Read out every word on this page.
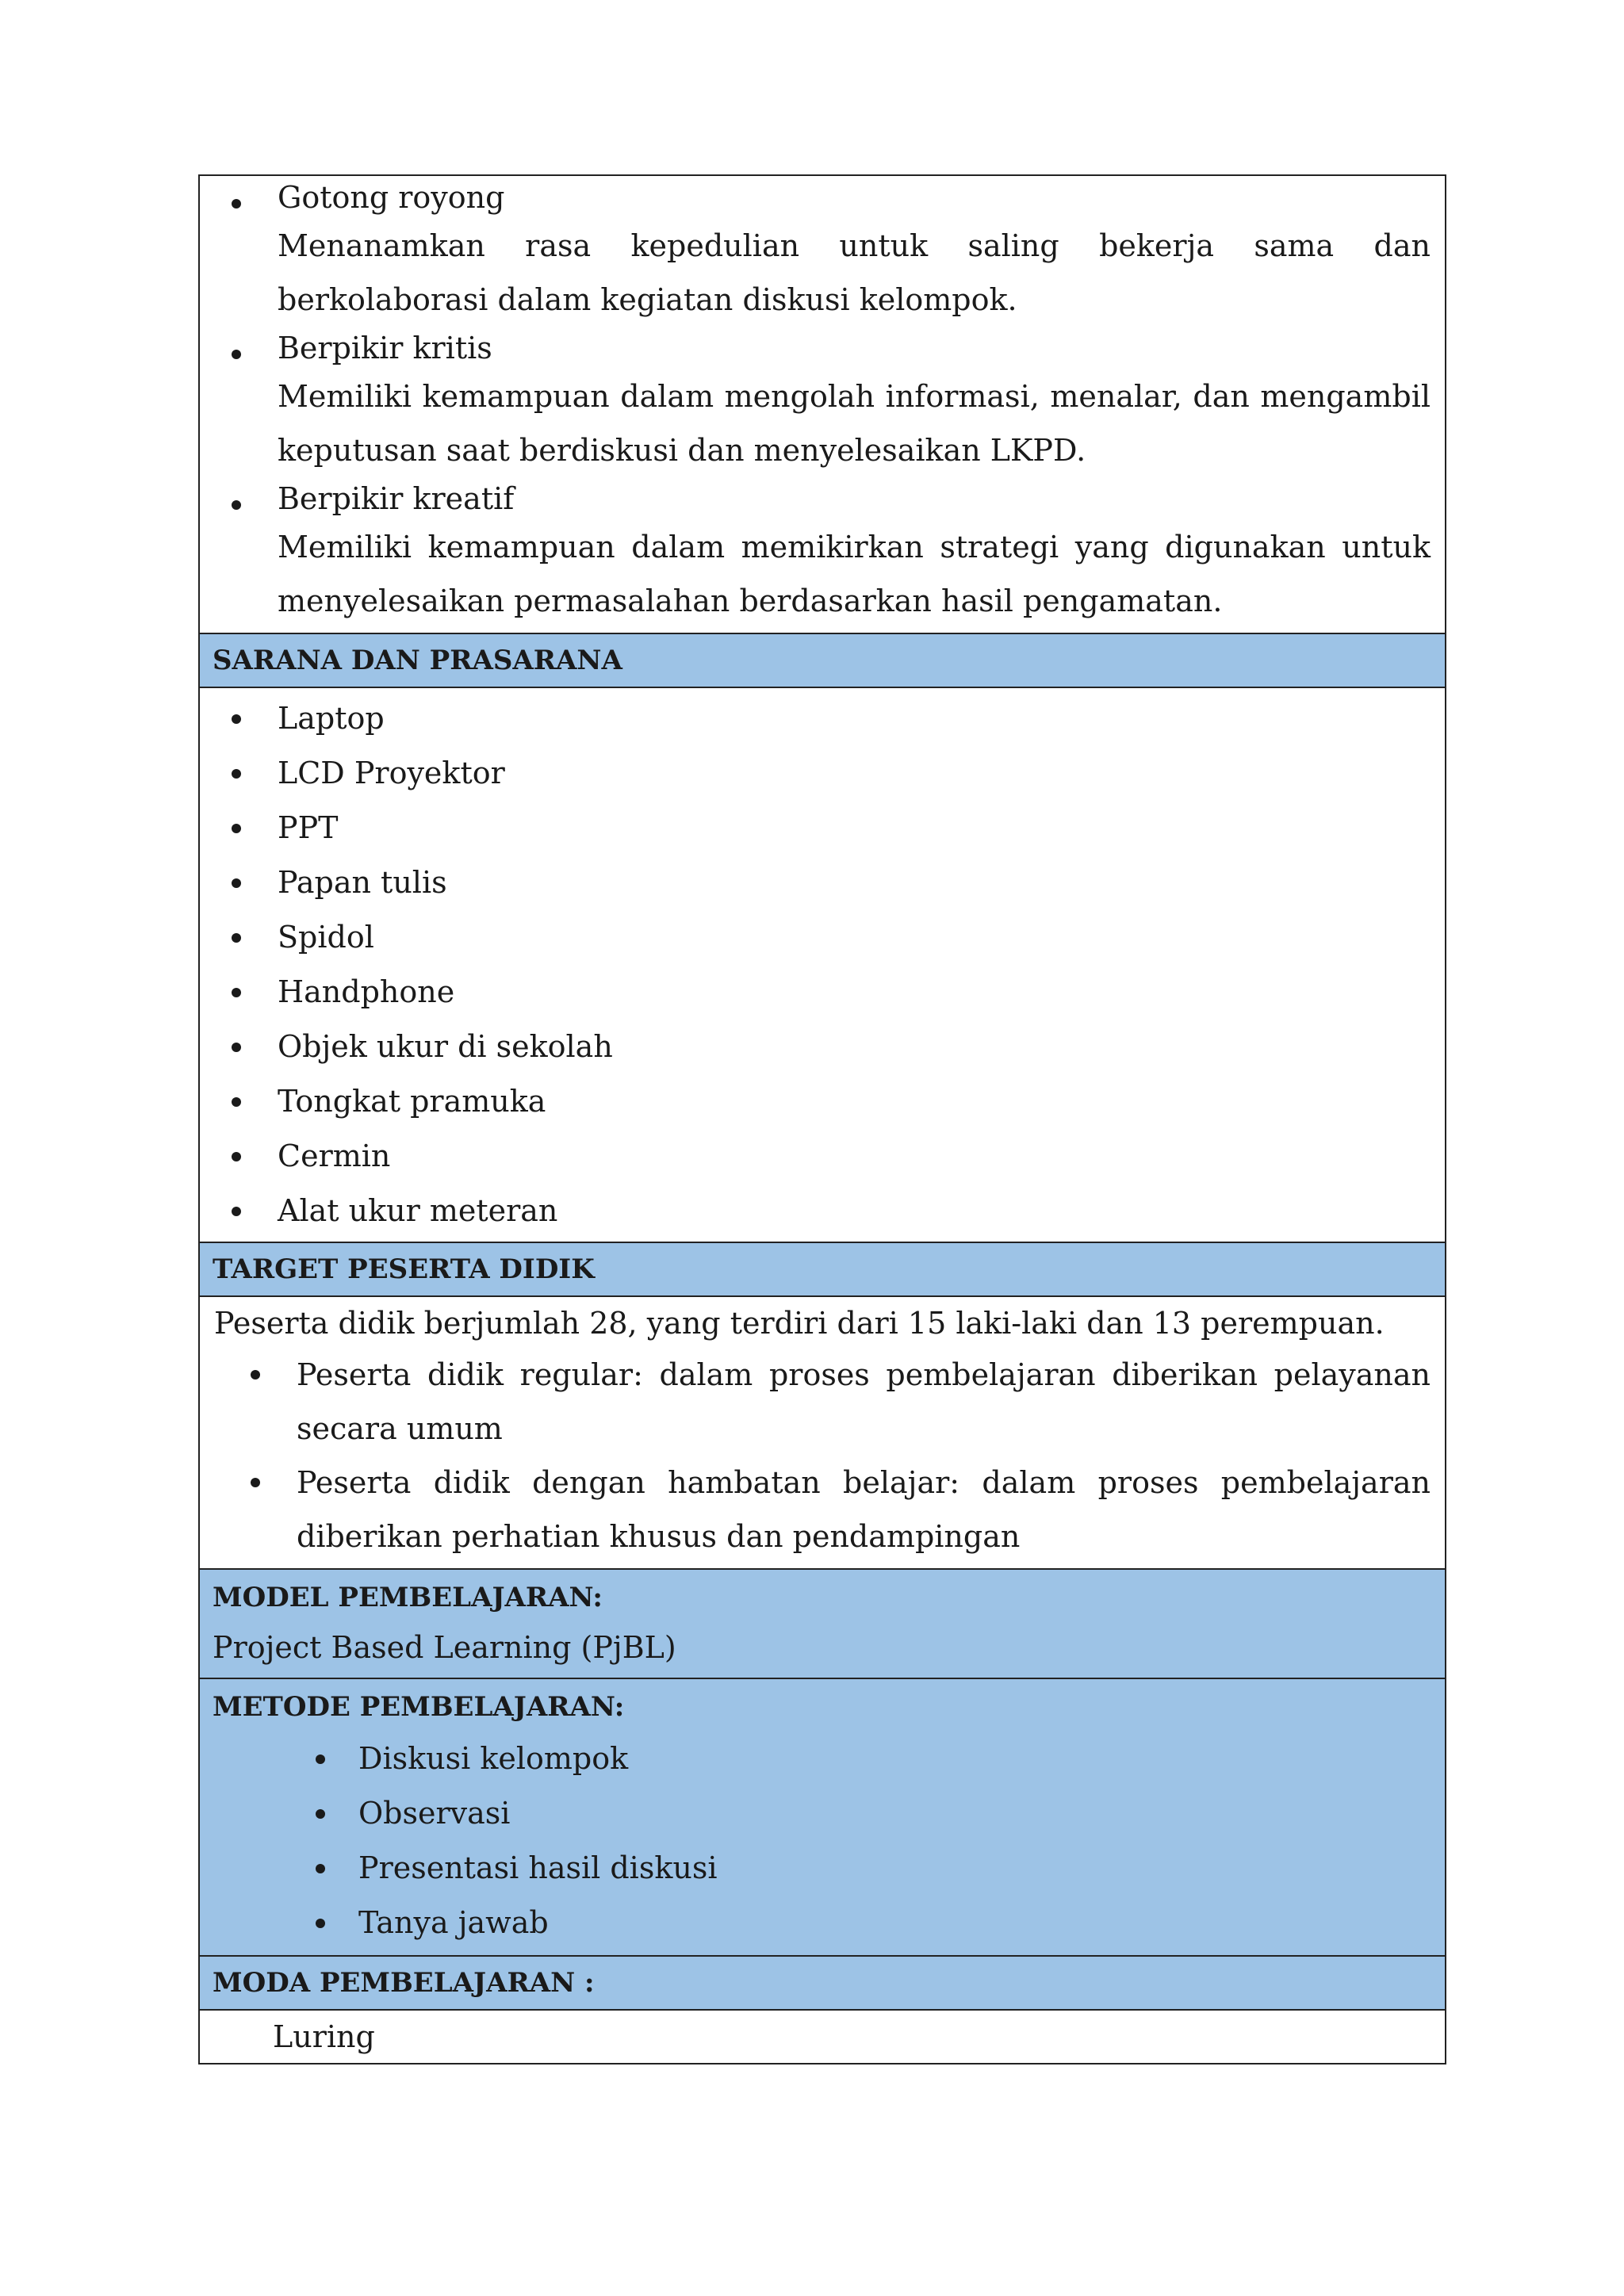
Gotong royong
Menanamkan rasa kepedulian untuk saling bekerja sama dan berkolaborasi dalam kegiatan diskusi kelompok.
Berpikir kritis
Memiliki kemampuan dalam mengolah informasi, menalar, dan mengambil keputusan saat berdiskusi dan menyelesaikan LKPD.
Berpikir kreatif
Memiliki kemampuan dalam memikirkan strategi yang digunakan untuk menyelesaikan permasalahan berdasarkan hasil pengamatan.
SARANA DAN PRASARANA
Laptop
LCD Proyektor
PPT
Papan tulis
Spidol
Handphone
Objek ukur di sekolah
Tongkat pramuka
Cermin
Alat ukur meteran
TARGET PESERTA DIDIK
Peserta didik berjumlah 28, yang terdiri dari 15 laki-laki dan 13 perempuan.
Peserta didik regular: dalam proses pembelajaran diberikan pelayanan secara umum
Peserta didik dengan hambatan belajar: dalam proses pembelajaran diberikan perhatian khusus dan pendampingan
MODEL PEMBELAJARAN:
Project Based Learning (PjBL)
METODE PEMBELAJARAN:
Diskusi kelompok
Observasi
Presentasi hasil diskusi
Tanya jawab
MODA PEMBELAJARAN :
Luring
